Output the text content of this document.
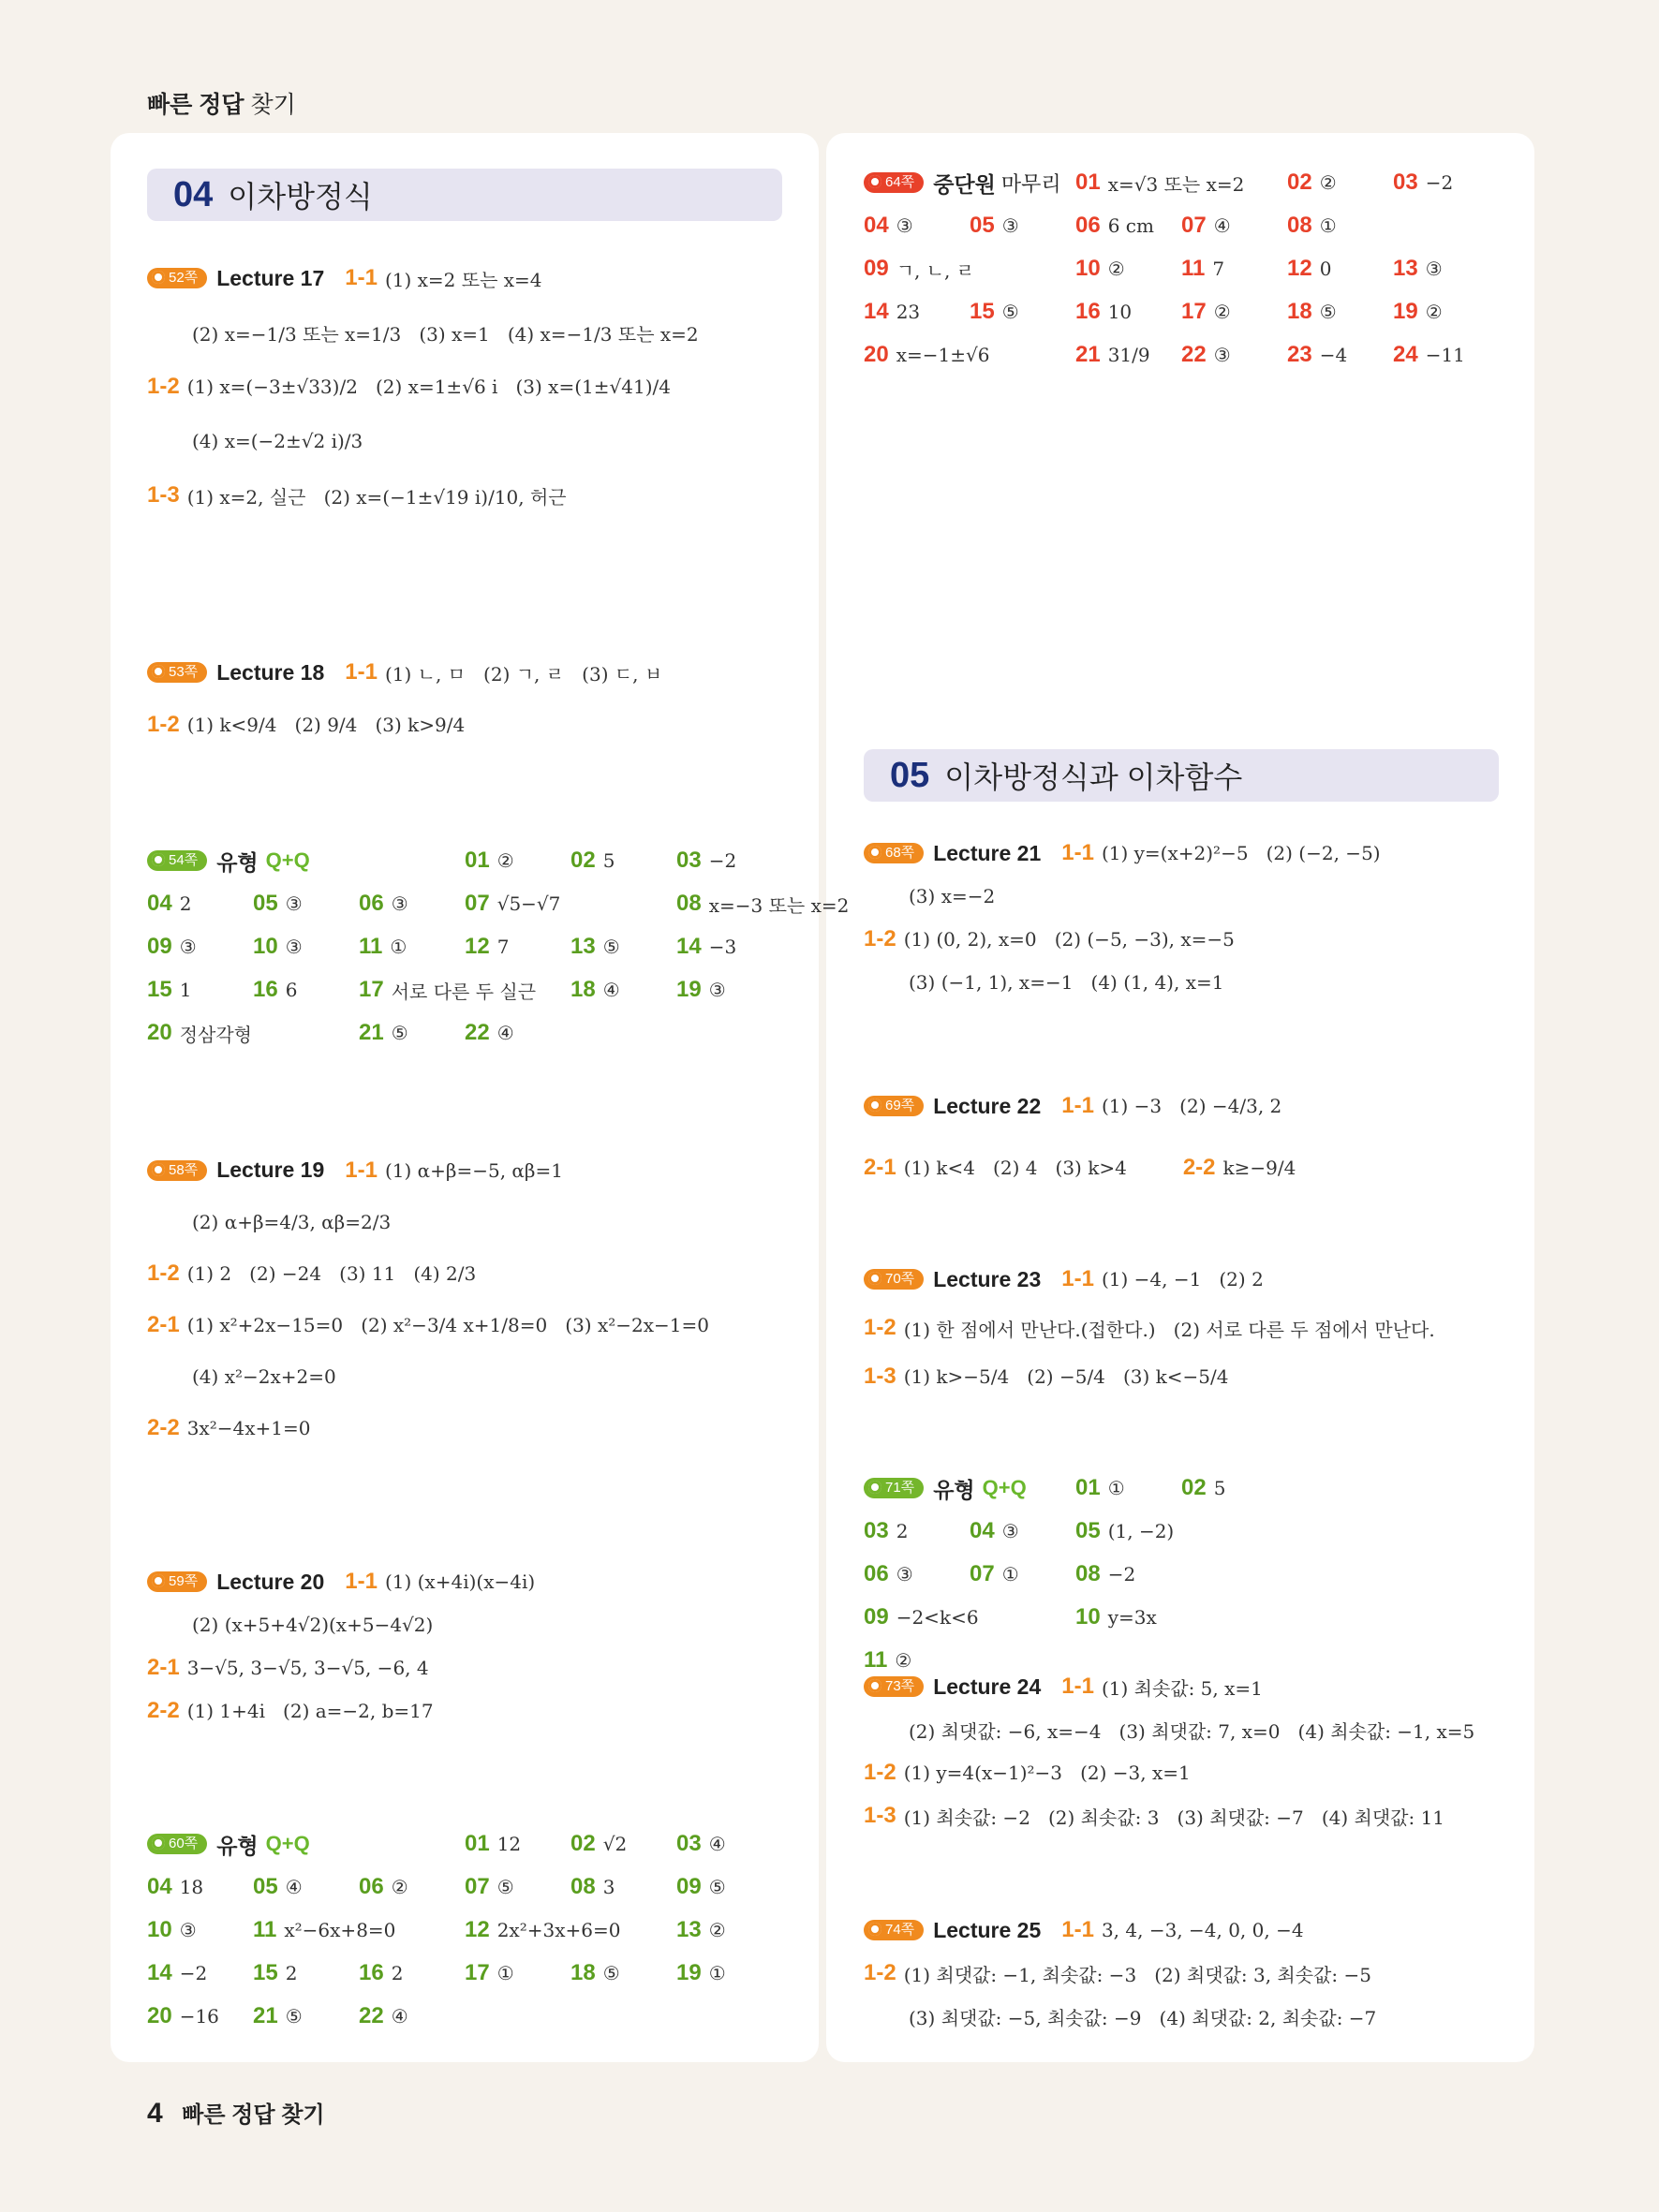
빠른 정답 찾기
04 이차방정식
05 이차방정식과 이차함수
52쪽 Lecture 17 1-1 (1) x=2 또는 x=4
(2) x=−1/3 또는 x=1/3   (3) x=1   (4) x=−1/3 또는 x=2
1-2 (1) x=(−3±√33)/2   (2) x=1±√6 i   (3) x=(1±√41)/4
(4) x=(−2±√2 i)/3
1-3 (1) x=2, 실근   (2) x=(−1±√19 i)/10, 허근
53쪽 Lecture 18 1-1 (1) ㄴ, ㅁ   (2) ㄱ, ㄹ   (3) ㄷ, ㅂ
1-2 (1) k<9/4   (2) 9/4   (3) k>9/4
58쪽 Lecture 19 1-1 (1) α+β=−5, αβ=1
(2) α+β=4/3, αβ=2/3
1-2 (1) 2   (2) −24   (3) 11   (4) 2/3
2-1 (1) x²+2x−15=0   (2) x²−3/4 x+1/8=0   (3) x²−2x−1=0
(4) x²−2x+2=0
2-2 3x²−4x+1=0
59쪽 Lecture 20 1-1 (1) (x+4i)(x−4i)
(2) (x+5+4√2)(x+5−4√2)
2-1 3−√5, 3−√5, 3−√5, −6, 4
2-2 (1) 1+4i   (2) a=−2, b=17
68쪽 Lecture 21 1-1 (1) y=(x+2)²−5   (2) (−2, −5)
(3) x=−2
1-2 (1) (0, 2), x=0   (2) (−5, −3), x=−5
(3) (−1, 1), x=−1   (4) (1, 4), x=1
69쪽 Lecture 22 1-1 (1) −3   (2) −4/3, 2
2-1 (1) k<4   (2) 4   (3) k>4	2-2 k≥−9/4
70쪽 Lecture 23 1-1 (1) −4, −1   (2) 2
1-2 (1) 한 점에서 만난다.(접한다.)   (2) 서로 다른 두 점에서 만난다.
1-3 (1) k>−5/4   (2) −5/4   (3) k<−5/4
73쪽 Lecture 24 1-1 (1) 최솟값: 5, x=1
(2) 최댓값: −6, x=−4   (3) 최댓값: 7, x=0   (4) 최솟값: −1, x=5
1-2 (1) y=4(x−1)²−3   (2) −3, x=1
1-3 (1) 최솟값: −2   (2) 최솟값: 3   (3) 최댓값: −7   (4) 최댓값: 11
74쪽 Lecture 25 1-1 3, 4, −3, −4, 0, 0, −4
1-2 (1) 최댓값: −1, 최솟값: −3   (2) 최댓값: 3, 최솟값: −5
(3) 최댓값: −5, 최솟값: −9   (4) 최댓값: 2, 최솟값: −7
54쪽 유형 Q+Q	01 ②	02 5	03 −2
04 2	05 ③	06 ③	07 √5−√7	08 x=−3 또는 x=2
09 ③	10 ③	11 ①	12 7	13 ⑤	14 −3
15 1	16 6	17 서로 다른 두 실근 18 ④	19 ③
20 정삼각형	21 ⑤	22 ④
60쪽 유형 Q+Q	01 12 02 √2 03 ④
04 18 05 ④	06 ②	07 ⑤	08 3	09 ⑤
10 ③	11 x²−6x+8=0	12 2x²+3x+6=0 13 ②
14 −2 15 2	16 2	17 ①	18 ⑤	19 ①
20 −16 21 ⑤	22 ④
64쪽 중단원 마무리 01 x=√3 또는 x=2 02 ②	03 −2
04 ③	05 ③	06 6 cm 07 ④	08 ①
09 ㄱ, ㄴ, ㄹ	10 ②	11 7	12 0	13 ③
14 23 15 ⑤	16 10 17 ②	18 ⑤	19 ②
20 x=−1±√6	21 31/9 22 ③	23 −4 24 −11
71쪽 유형 Q+Q 01 ①	02 5
03 2	04 ③	05 (1, −2)
06 ③	07 ①	08 −2
09 −2<k<6	10 y=3x
11 ②
4 빠른 정답 찾기
